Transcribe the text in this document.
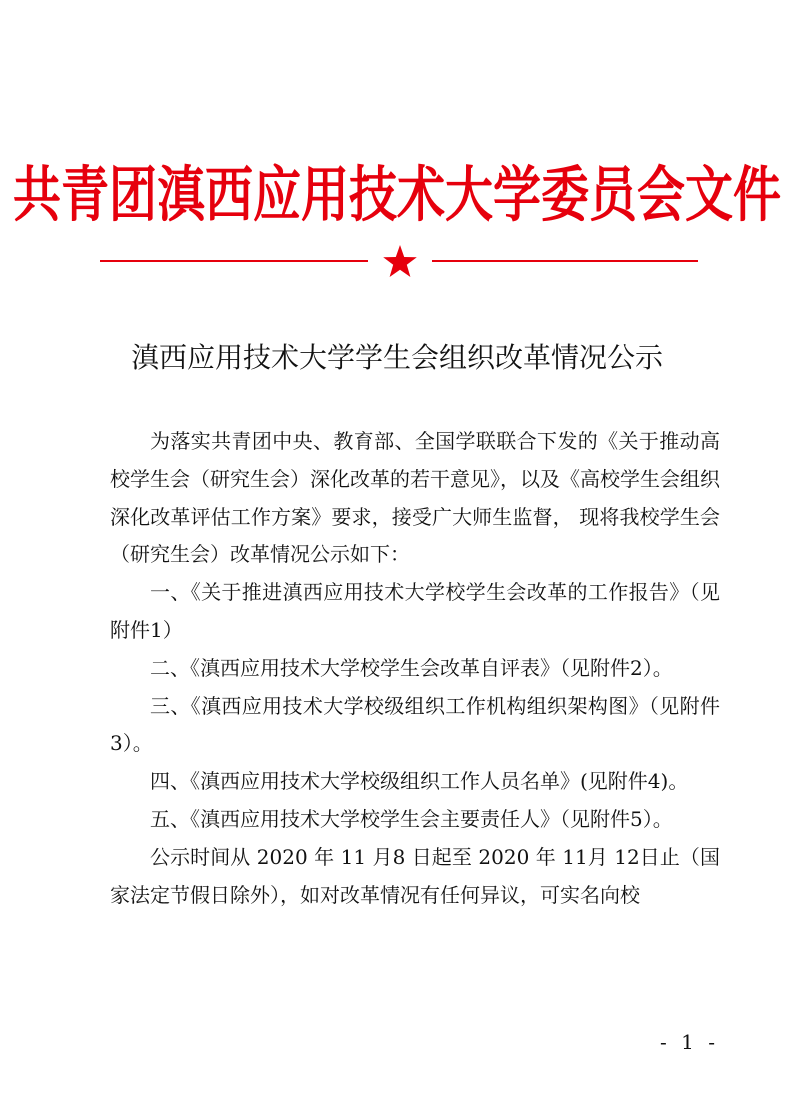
共青团滇西应用技术大学委员会文件
滇西应用技术大学学生会组织改革情况公示

为落实共青团中央、教育部、全国学联联合下发的《关于推动高校学生会（研究生会）深化改革的若干意见》，以及《高校学生会组织深化改革评估工作方案》要求，接受广大师生监督， 现将我校学生会（研究生会）改革情况公示如下：

一、《关于推进滇西应用技术大学校学生会改革的工作报告》（见附件1）

二、《滇西应用技术大学校学生会改革自评表》（见附件2）。

三、《滇西应用技术大学校级组织工作机构组织架构图》（见附件3）。

四、《滇西应用技术大学校级组织工作人员名单》(见附件4)。

五、《滇西应用技术大学校学生会主要责任人》（见附件5）。

公示时间从 2020 年 11 月8 日起至 2020 年 11月 12日止（国家法定节假日除外），如对改革情况有任何异议，可实名向校

- 1 -
